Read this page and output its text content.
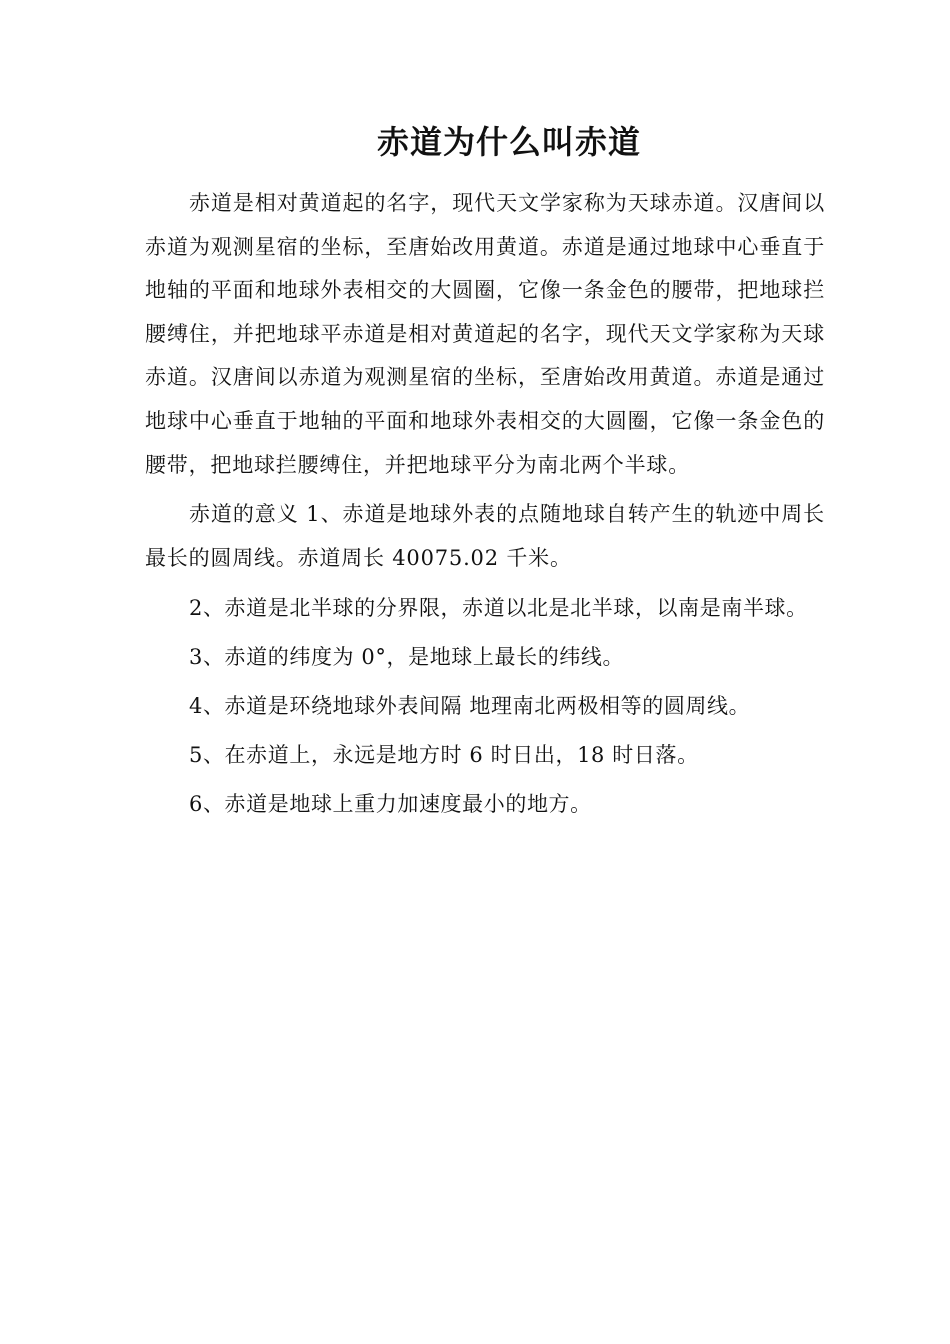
赤道为什么叫赤道

赤道是相对黄道起的名字，现代天文学家称为天球赤道。汉唐间以赤道为观测星宿的坐标，至唐始改用黄道。赤道是通过地球中心垂直于地轴的平面和地球外表相交的大圆圈，它像一条金色的腰带，把地球拦腰缚住，并把地球平赤道是相对黄道起的名字，现代天文学家称为天球赤道。汉唐间以赤道为观测星宿的坐标，至唐始改用黄道。赤道是通过地球中心垂直于地轴的平面和地球外表相交的大圆圈，它像一条金色的腰带，把地球拦腰缚住，并把地球平分为南北两个半球。

赤道的意义 1、赤道是地球外表的点随地球自转产生的轨迹中周长最长的圆周线。赤道周长 40075.02 千米。

2、赤道是北半球的分界限，赤道以北是北半球，以南是南半球。

3、赤道的纬度为 0°，是地球上最长的纬线。

4、赤道是环绕地球外表间隔 地理南北两极相等的圆周线。

5、在赤道上，永远是地方时 6 时日出，18 时日落。

6、赤道是地球上重力加速度最小的地方。
